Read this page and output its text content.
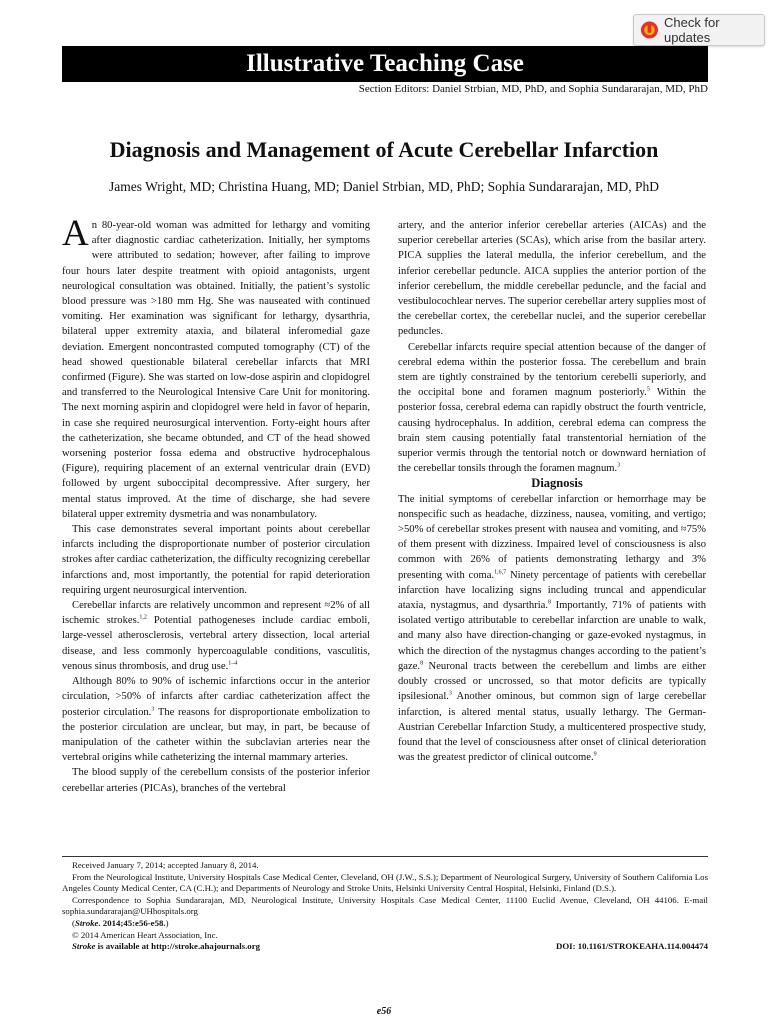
Check for updates
Illustrative Teaching Case
Section Editors: Daniel Strbian, MD, PhD, and Sophia Sundararajan, MD, PhD
Diagnosis and Management of Acute Cerebellar Infarction
James Wright, MD; Christina Huang, MD; Daniel Strbian, MD, PhD; Sophia Sundararajan, MD, PhD

An 80-year-old woman was admitted for lethargy and vomiting after diagnostic cardiac catheterization. Initially, her symptoms were attributed to sedation; however, after failing to improve four hours later despite treatment with opioid antagonists, urgent neurological consultation was obtained. Initially, the patient’s systolic blood pressure was >180 mm Hg. She was nauseated with continued vomiting. Her examination was significant for lethargy, dysarthria, bilateral upper extremity ataxia, and bilateral inferomedial gaze deviation. Emergent noncontrasted computed tomography (CT) of the head showed questionable bilateral cerebellar infarcts that MRI confirmed (Figure). She was started on low-dose aspirin and clopidogrel and transferred to the Neurological Intensive Care Unit for monitoring. The next morning aspirin and clopidogrel were held in favor of heparin, in case she required neurosurgical intervention. Forty-eight hours after the catheterization, she became obtunded, and CT of the head showed worsening posterior fossa edema and obstructive hydrocephalous (Figure), requiring placement of an external ventricular drain (EVD) followed by urgent suboccipital decompressive. After surgery, her mental status improved. At the time of discharge, she had severe bilateral upper extremity dysmetria and was nonambulatory.

This case demonstrates several important points about cerebellar infarcts including the disproportionate number of posterior circulation strokes after cardiac catheterization, the difficulty recognizing cerebellar infarctions and, most importantly, the potential for rapid deterioration requiring urgent neurosurgical intervention.

Cerebellar infarcts are relatively uncommon and represent ≈2% of all ischemic strokes.$^{1,2}$ Potential pathogeneses include cardiac emboli, large-vessel atherosclerosis, vertebral artery dissection, local arterial disease, and less commonly hypercoagulable conditions, vasculitis, venous sinus thrombosis, and drug use.$^{1-4}$

Although 80% to 90% of ischemic infarctions occur in the anterior circulation, >50% of infarcts after cardiac catheterization affect the posterior circulation.$^3$ The reasons for disproportionate embolization to the posterior circulation are unclear, but may, in part, be because of manipulation of the catheter within the subclavian arteries near the vertebral origins while catheterizing the internal mammary arteries.

The blood supply of the cerebellum consists of the posterior inferior cerebellar arteries (PICAs), branches of the vertebral

artery, and the anterior inferior cerebellar arteries (AICAs) and the superior cerebellar arteries (SCAs), which arise from the basilar artery. PICA supplies the lateral medulla, the inferior cerebellum, and the inferior cerebellar peduncle. AICA supplies the anterior portion of the inferior cerebellum, the middle cerebellar peduncle, and the facial and vestibulocochlear nerves. The superior cerebellar artery supplies most of the cerebellar cortex, the cerebellar nuclei, and the superior cerebellar peduncles.

Cerebellar infarcts require special attention because of the danger of cerebral edema within the posterior fossa. The cerebellum and brain stem are tightly constrained by the tentorium cerebelli superiorly, and the occipital bone and foramen magnum posteriorly.$^5$ Within the posterior fossa, cerebral edema can rapidly obstruct the fourth ventricle, causing hydrocephalus. In addition, cerebral edema can compress the brain stem causing potentially fatal transtentorial herniation of the superior vermis through the tentorial notch or downward herniation of the cerebellar tonsils through the foramen magnum.$^3$

Diagnosis

The initial symptoms of cerebellar infarction or hemorrhage may be nonspecific such as headache, dizziness, nausea, vomiting, and vertigo; >50% of cerebellar strokes present with nausea and vomiting, and ≈75% of them present with dizziness. Impaired level of consciousness is also common with 26% of patients demonstrating lethargy and 3% presenting with coma.$^{1,6,7}$ Ninety percentage of patients with cerebellar infarction have localizing signs including truncal and appendicular ataxia, nystagmus, and dysarthria.$^8$ Importantly, 71% of patients with isolated vertigo attributable to cerebellar infarction are unable to walk, and many also have direction-changing or gaze-evoked nystagmus, in which the direction of the nystagmus changes according to the patient’s gaze.$^8$ Neuronal tracts between the cerebellum and limbs are either doubly crossed or uncrossed, so that motor deficits are typically ipsilesional.$^3$ Another ominous, but common sign of large cerebellar infarction, is altered mental status, usually lethargy. The German-Austrian Cerebellar Infarction Study, a multicentered prospective study, found that the level of consciousness after onset of clinical deterioration was the greatest predictor of clinical outcome.$^9$

Received January 7, 2014; accepted January 8, 2014.

From the Neurological Institute, University Hospitals Case Medical Center, Cleveland, OH (J.W., S.S.); Department of Neurological Surgery, University of Southern California Los Angeles County Medical Center, CA (C.H.); and Departments of Neurology and Stroke Units, Helsinki University Central Hospital, Helsinki, Finland (D.S.).

Correspondence to Sophia Sundararajan, MD, Neurological Institute, University Hospitals Case Medical Center, 11100 Euclid Avenue, Cleveland, OH 44106. E-mail sophia.sundararajan@UHhospitals.org

(Stroke. 2014;45:e56-e58.)

© 2014 American Heart Association, Inc.

Stroke is available at http://stroke.ahajournals.org	DOI: 10.1161/STROKEAHA.114.004474

e56
